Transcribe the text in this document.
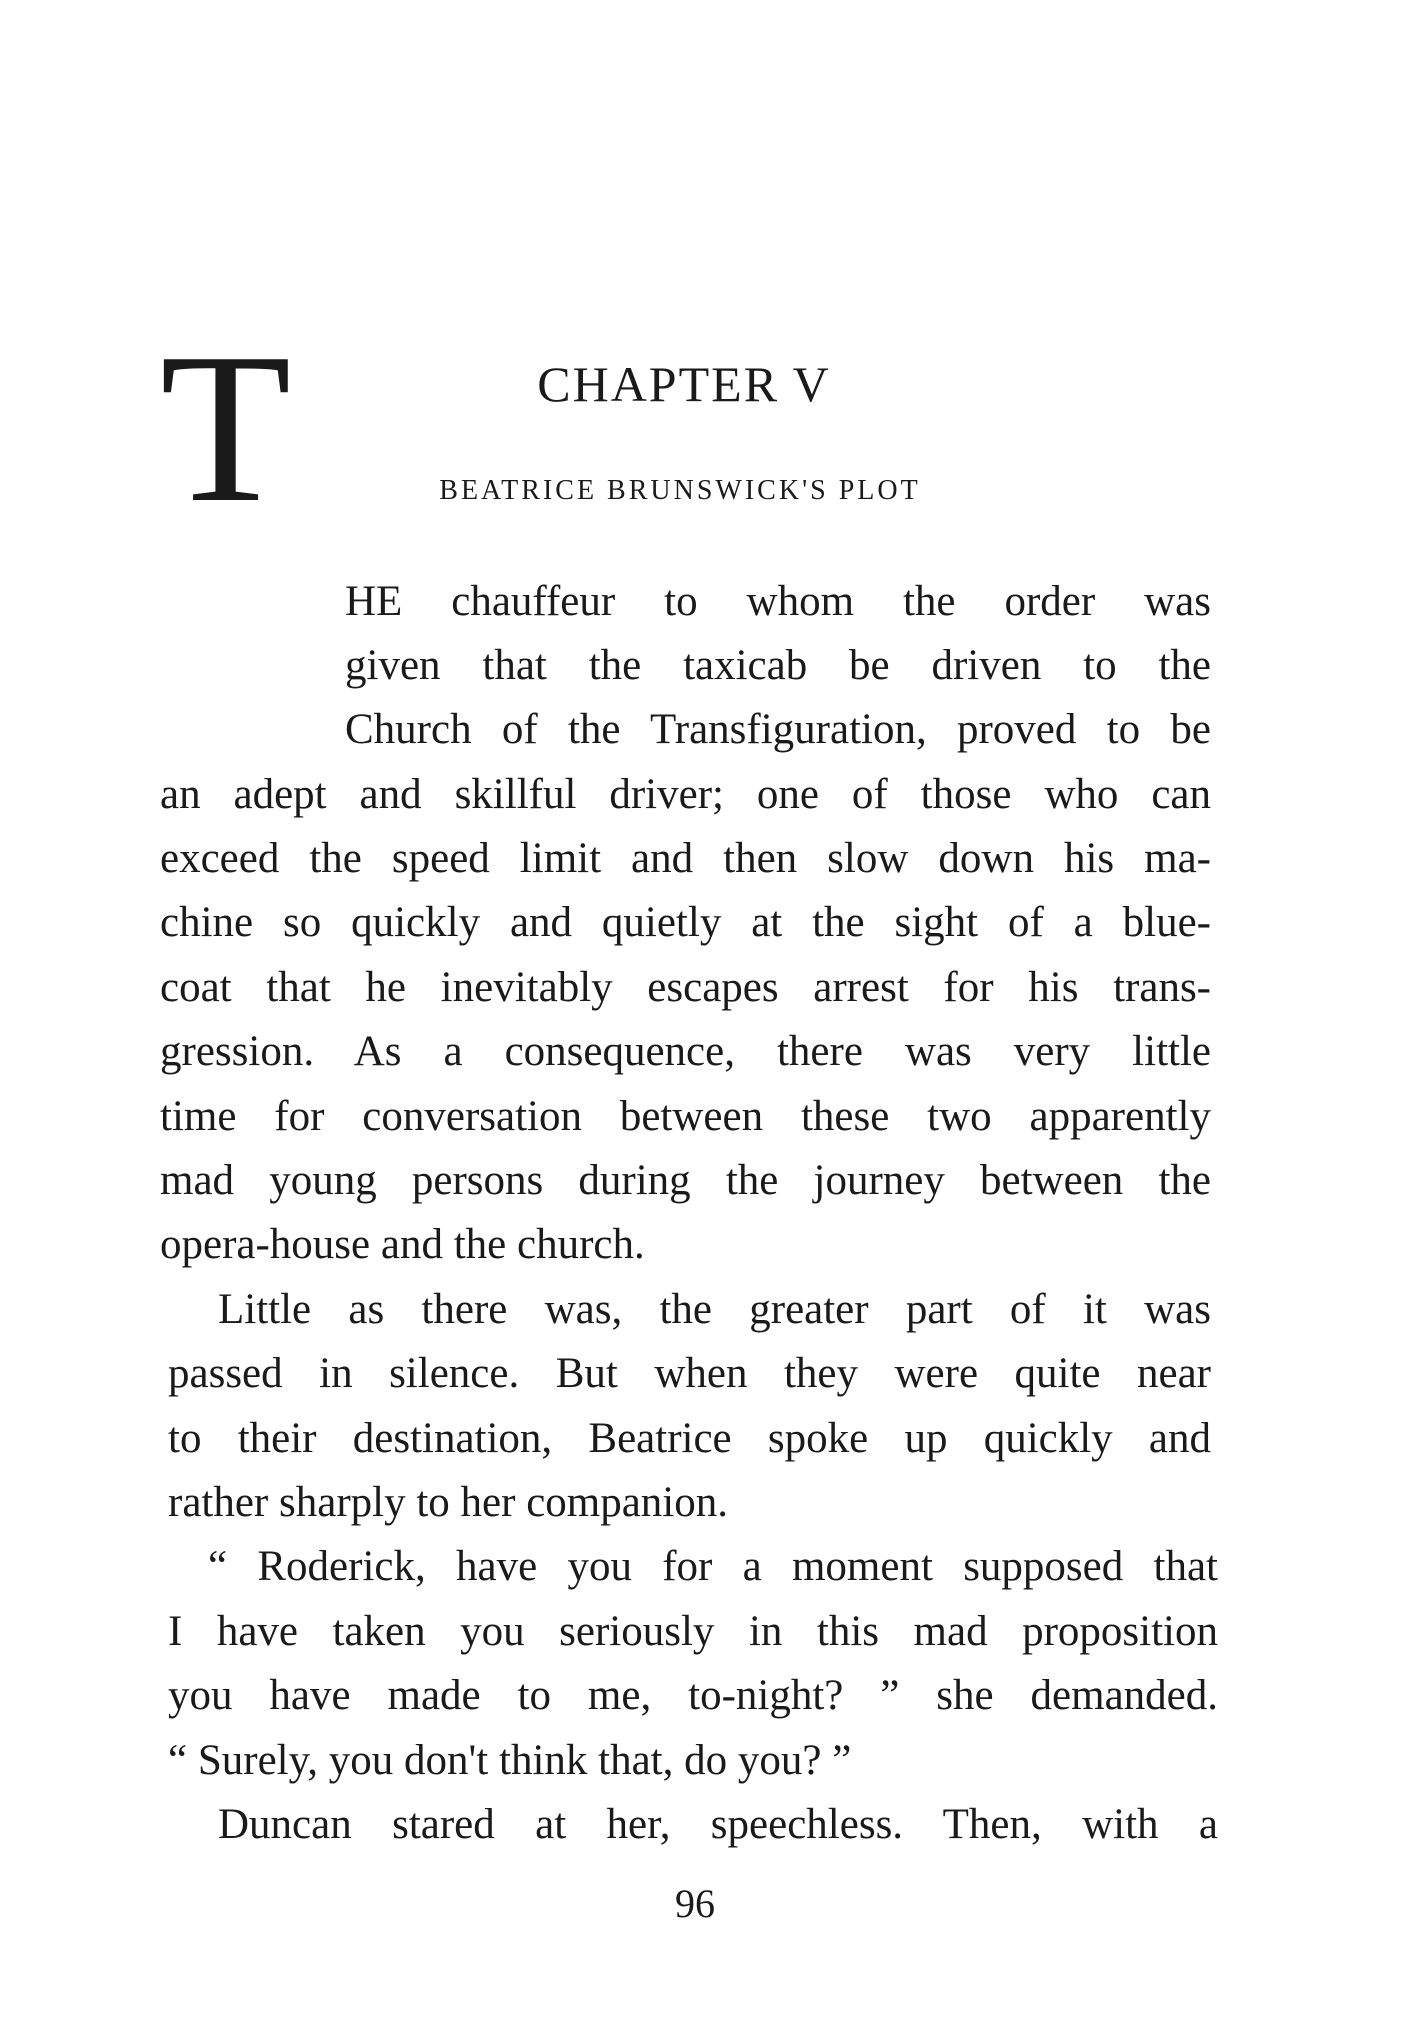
CHAPTER V
BEATRICE BRUNSWICK'S PLOT
T

HE chauffeur to whom the order was

given that the taxicab be driven to the

Church of the Transfiguration, proved to be

an adept and skillful driver; one of those who can

exceed the speed limit and then slow down his ma-

chine so quickly and quietly at the sight of a blue-

coat that he inevitably escapes arrest for his trans-

gression. As a consequence, there was very little

time for conversation between these two apparently

mad young persons during the journey between the

opera-house and the church.

Little as there was, the greater part of it was

passed in silence. But when they were quite near

to their destination, Beatrice spoke up quickly and

rather sharply to her companion.

“ Roderick, have you for a moment supposed that

I have taken you seriously in this mad proposition

you have made to me, to-night? ” she demanded.

“ Surely, you don't think that, do you? ”

Duncan stared at her, speechless. Then, with a

96
